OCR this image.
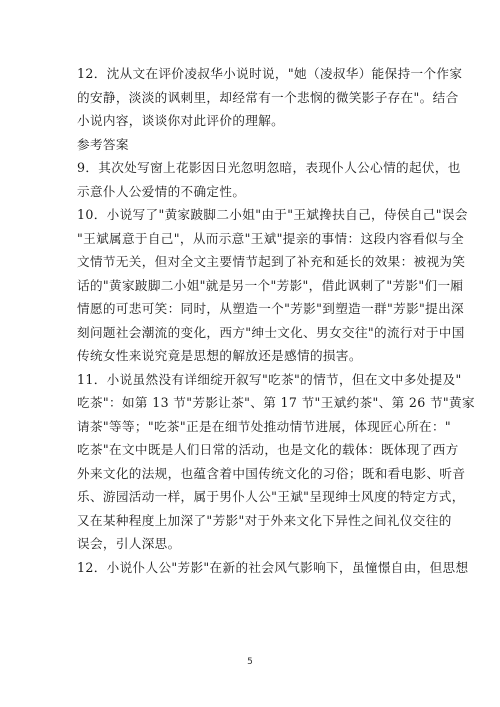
12．沈从文在评价凌叔华小说时说，"她（凌叔华）能保持一个作家
的安静，淡淡的讽刺里，却经常有一个悲悯的微笑影子存在"。结合
小说内容，谈谈你对此评价的理解。
参考答案
9．其次处写窗上花影因日光忽明忽暗，表现仆人公心情的起伏，也
示意仆人公爱情的不确定性。
10．小说写了"黄家跛脚二小姐"由于"王斌搀扶自己，侍侯自己"误会
"王斌属意于自己"，从而示意"王斌"提亲的事情：这段内容看似与全
文情节无关，但对全文主要情节起到了补充和延长的效果：被视为笑
话的"黄家跛脚二小姐"就是另一个"芳影"，借此讽刺了"芳影"们一厢
情愿的可悲可笑：同时，从塑造一个"芳影"到塑造一群"芳影"提出深
刻问题社会潮流的变化，西方"绅士文化、男女交往"的流行对于中国
传统女性来说究竟是思想的解放还是感情的损害。
11．小说虽然没有详细绽开叙写"吃茶"的情节，但在文中多处提及"
吃茶"：如第 13 节"芳影让茶"、第 17 节"王斌约茶"、第 26 节"黄家
请茶"等等；"吃茶"正是在细节处推动情节进展，体现匠心所在："
吃茶"在文中既是人们日常的活动，也是文化的载体：既体现了西方
外来文化的法规，也蕴含着中国传统文化的习俗；既和看电影、听音
乐、游园活动一样，属于男仆人公"王斌"呈现绅士风度的特定方式，
又在某种程度上加深了"芳影"对于外来文化下异性之间礼仪交往的
误会，引人深思。
12．小说仆人公"芳影"在新的社会风气影响下，虽憧憬自由，但思想
5
